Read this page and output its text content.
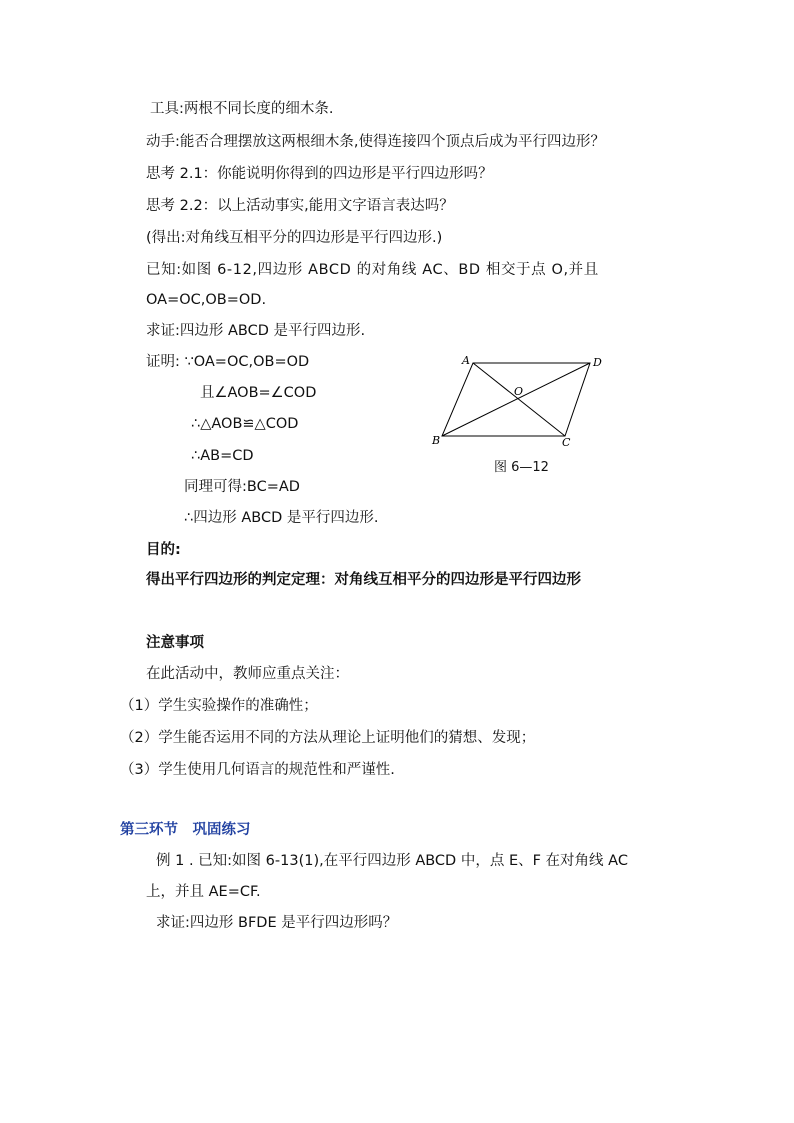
工具:两根不同长度的细木条.
动手:能否合理摆放这两根细木条,使得连接四个顶点后成为平行四边形？
思考 2.1：你能说明你得到的四边形是平行四边形吗？
思考 2.2：以上活动事实,能用文字语言表达吗？
(得出:对角线互相平分的四边形是平行四边形.)
已知:如图 6-12,四边形 ABCD 的对角线 AC、BD 相交于点 O,并且
OA=OC,OB=OD.
求证:四边形 ABCD 是平行四边形.
证明: ∵OA=OC,OB=OD
且∠AOB=∠COD
∴△AOB≌△COD
∴AB=CD
同理可得:BC=AD
∴四边形 ABCD 是平行四边形.
A	D
B	C
O
图 6—12
目的:
得出平行四边形的判定定理：对角线互相平分的四边形是平行四边形
注意事项
在此活动中，教师应重点关注：
（1）学生实验操作的准确性；
（2）学生能否运用不同的方法从理论上证明他们的猜想、发现；
（3）学生使用几何语言的规范性和严谨性.
第三环节　巩固练习
例 1 . 已知:如图 6-13(1),在平行四边形 ABCD 中，点 E、F 在对角线 AC
上，并且 AE=CF.
求证:四边形 BFDE 是平行四边形吗？
